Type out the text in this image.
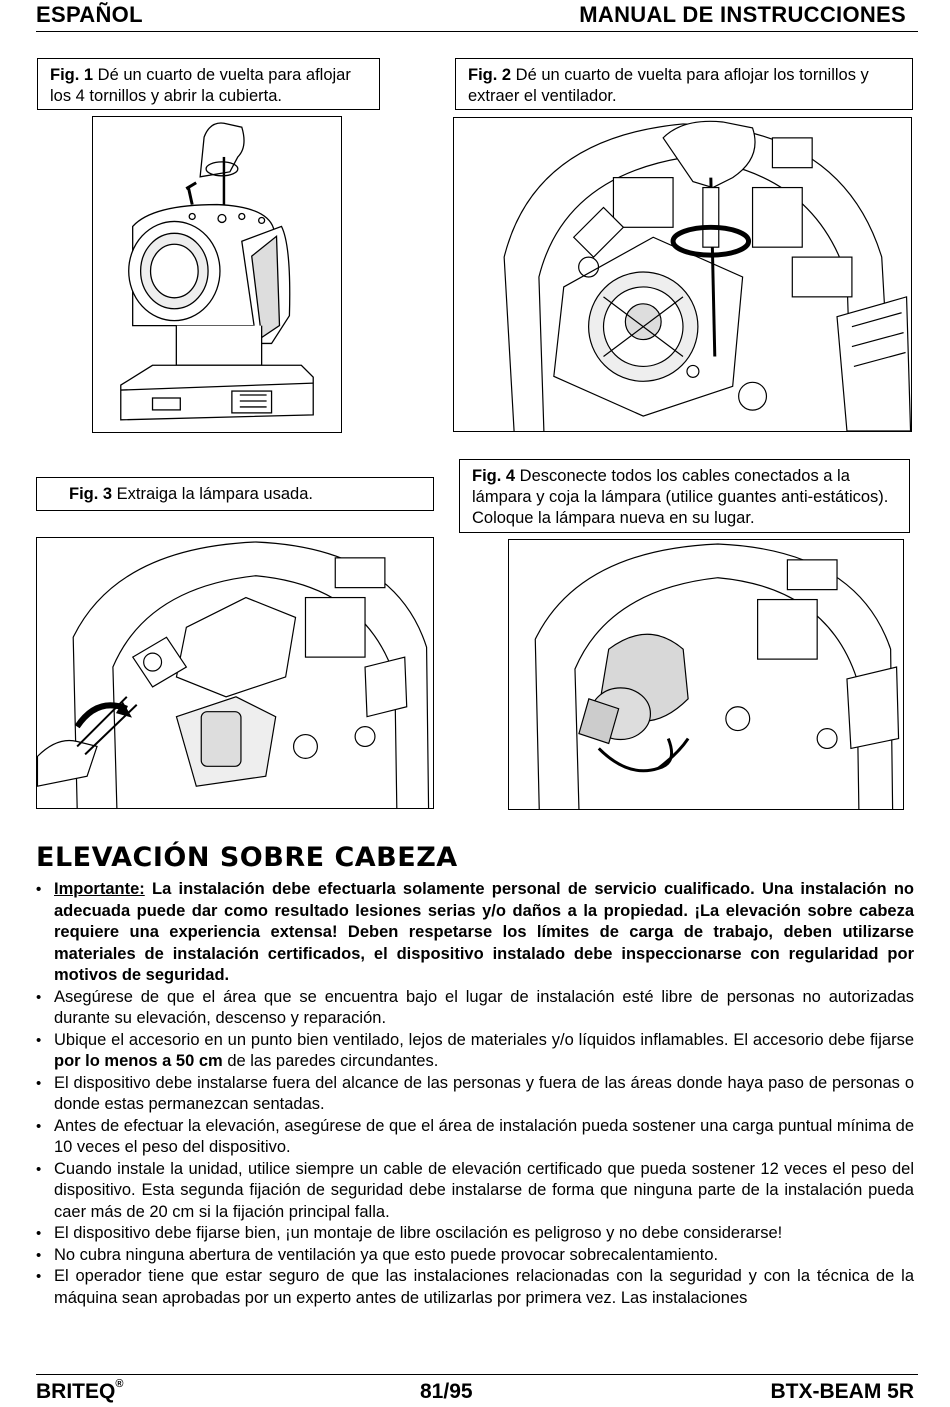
ESPAÑOL	MANUAL DE INSTRUCCIONES
Fig. 1 Dé un cuarto de vuelta para aflojar los 4 tornillos y abrir la cubierta.
Fig. 2 Dé un cuarto de vuelta para aflojar los tornillos y extraer el ventilador.
Fig. 3 Extraiga la lámpara usada.
Fig. 4 Desconecte todos los cables conectados a la lámpara y coja la lámpara (utilice guantes anti-estáticos). Coloque la lámpara nueva en su lugar.
ELEVACIÓN SOBRE CABEZA
• Importante: La instalación debe efectuarla solamente personal de servicio cualificado. Una instalación no adecuada puede dar como resultado lesiones serias y/o daños a la propiedad. ¡La elevación sobre cabeza requiere una experiencia extensa! Deben respetarse los límites de carga de trabajo, deben utilizarse materiales de instalación certificados, el dispositivo instalado debe inspeccionarse con regularidad por motivos de seguridad.
• Asegúrese de que el área que se encuentra bajo el lugar de instalación esté libre de personas no autorizadas durante su elevación, descenso y reparación.
• Ubique el accesorio en un punto bien ventilado, lejos de materiales y/o líquidos inflamables. El accesorio debe fijarse por lo menos a 50 cm de las paredes circundantes.
• El dispositivo debe instalarse fuera del alcance de las personas y fuera de las áreas donde haya paso de personas o donde estas permanezcan sentadas.
• Antes de efectuar la elevación, asegúrese de que el área de instalación pueda sostener una carga puntual mínima de 10 veces el peso del dispositivo.
• Cuando instale la unidad, utilice siempre un cable de elevación certificado que pueda sostener 12 veces el peso del dispositivo. Esta segunda fijación de seguridad debe instalarse de forma que ninguna parte de la instalación pueda caer más de 20 cm si la fijación principal falla.
• El dispositivo debe fijarse bien, ¡un montaje de libre oscilación es peligroso y no debe considerarse!
• No cubra ninguna abertura de ventilación ya que esto puede provocar sobrecalentamiento.
• El operador tiene que estar seguro de que las instalaciones relacionadas con la seguridad y con la técnica de la máquina sean aprobadas por un experto antes de utilizarlas por primera vez. Las instalaciones
BRITEQ®	81/95	BTX-BEAM 5R
